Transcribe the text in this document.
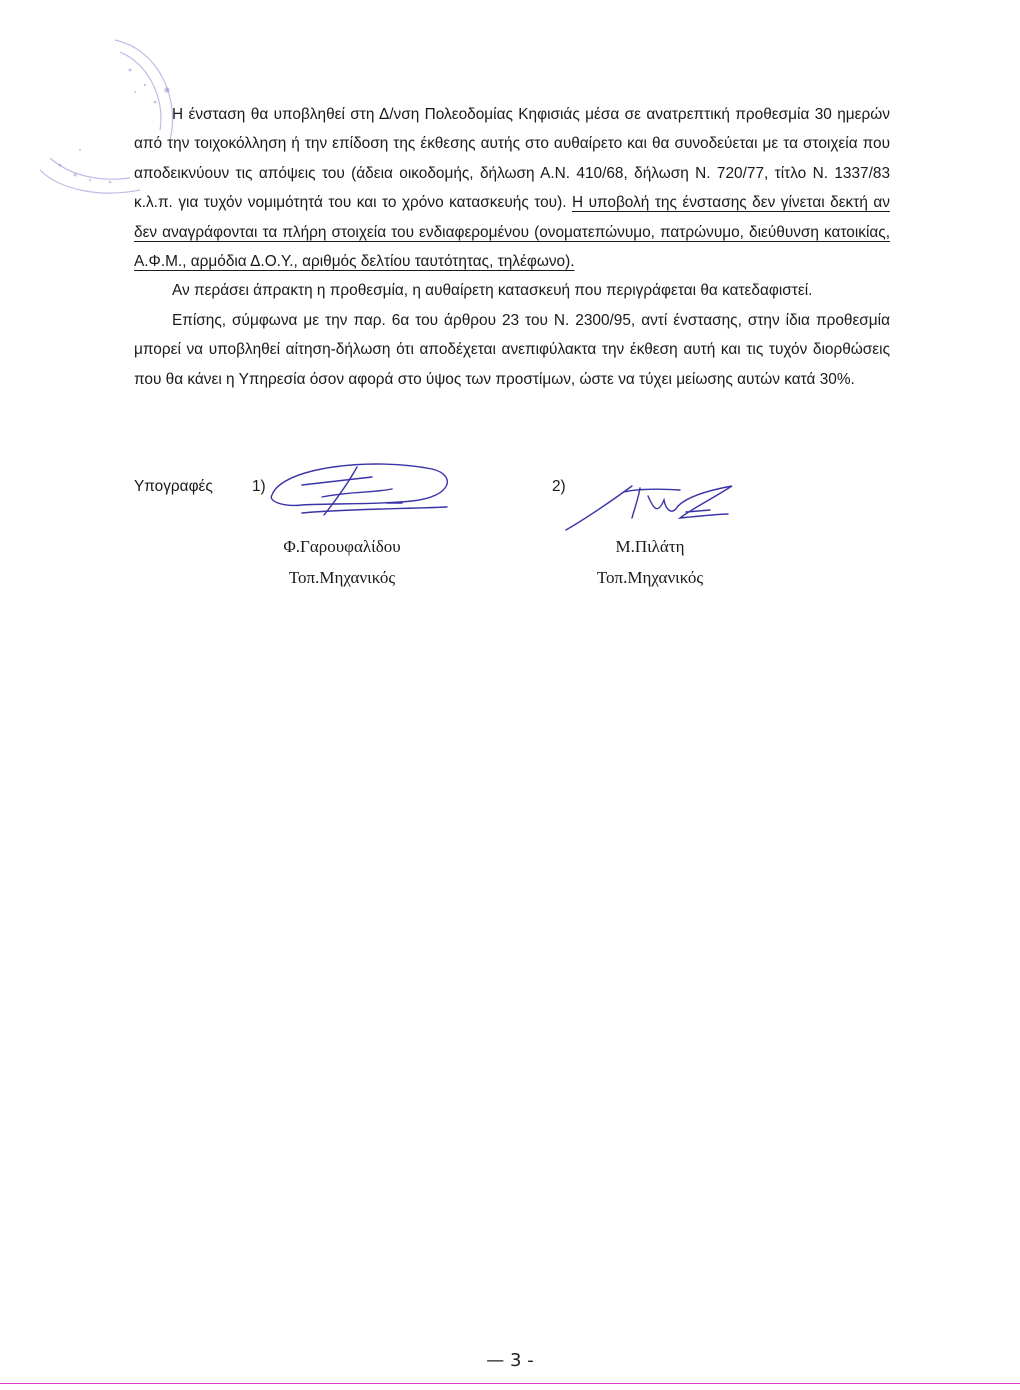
Η ένσταση θα υποβληθεί στη Δ/νση Πολεοδομίας Κηφισιάς μέσα σε ανατρεπτική προθεσμία 30 ημερών από την τοιχοκόλληση ή την επίδοση της έκθεσης αυτής στο αυθαίρετο και θα συνοδεύεται με τα στοιχεία που αποδεικνύουν τις απόψεις του (άδεια οικοδομής, δήλωση Α.Ν. 410/68, δήλωση Ν. 720/77, τίτλο Ν. 1337/83 κ.λ.π. για τυχόν νομιμότητά του και το χρόνο κατασκευής του). Η υποβολή της ένστασης δεν γίνεται δεκτή αν δεν αναγράφονται τα πλήρη στοιχεία του ενδιαφερομένου (ονοματεπώνυμο, πατρώνυμο, διεύθυνση κατοικίας, Α.Φ.Μ., αρμόδια Δ.Ο.Υ., αριθμός δελτίου ταυτότητας, τηλέφωνο).

Αν περάσει άπρακτη η προθεσμία, η αυθαίρετη κατασκευή που περιγράφεται θα κατεδαφιστεί.

Επίσης, σύμφωνα με την παρ. 6α του άρθρου 23 του Ν. 2300/95, αντί ένστασης, στην ίδια προθεσμία μπορεί να υποβληθεί αίτηση-δήλωση ότι αποδέχεται ανεπιφύλακτα την έκθεση αυτή και τις τυχόν διορθώσεις που θα κάνει η Υπηρεσία όσον αφορά στο ύψος των προστίμων, ώστε να τύχει μείωσης αυτών κατά 30%.

Υπογραφές	1)
Φ.Γαρουφαλίδου
Τοπ.Μηχανικός
2)
Μ.Πιλάτη
Τοπ.Μηχανικός
— 3 -
